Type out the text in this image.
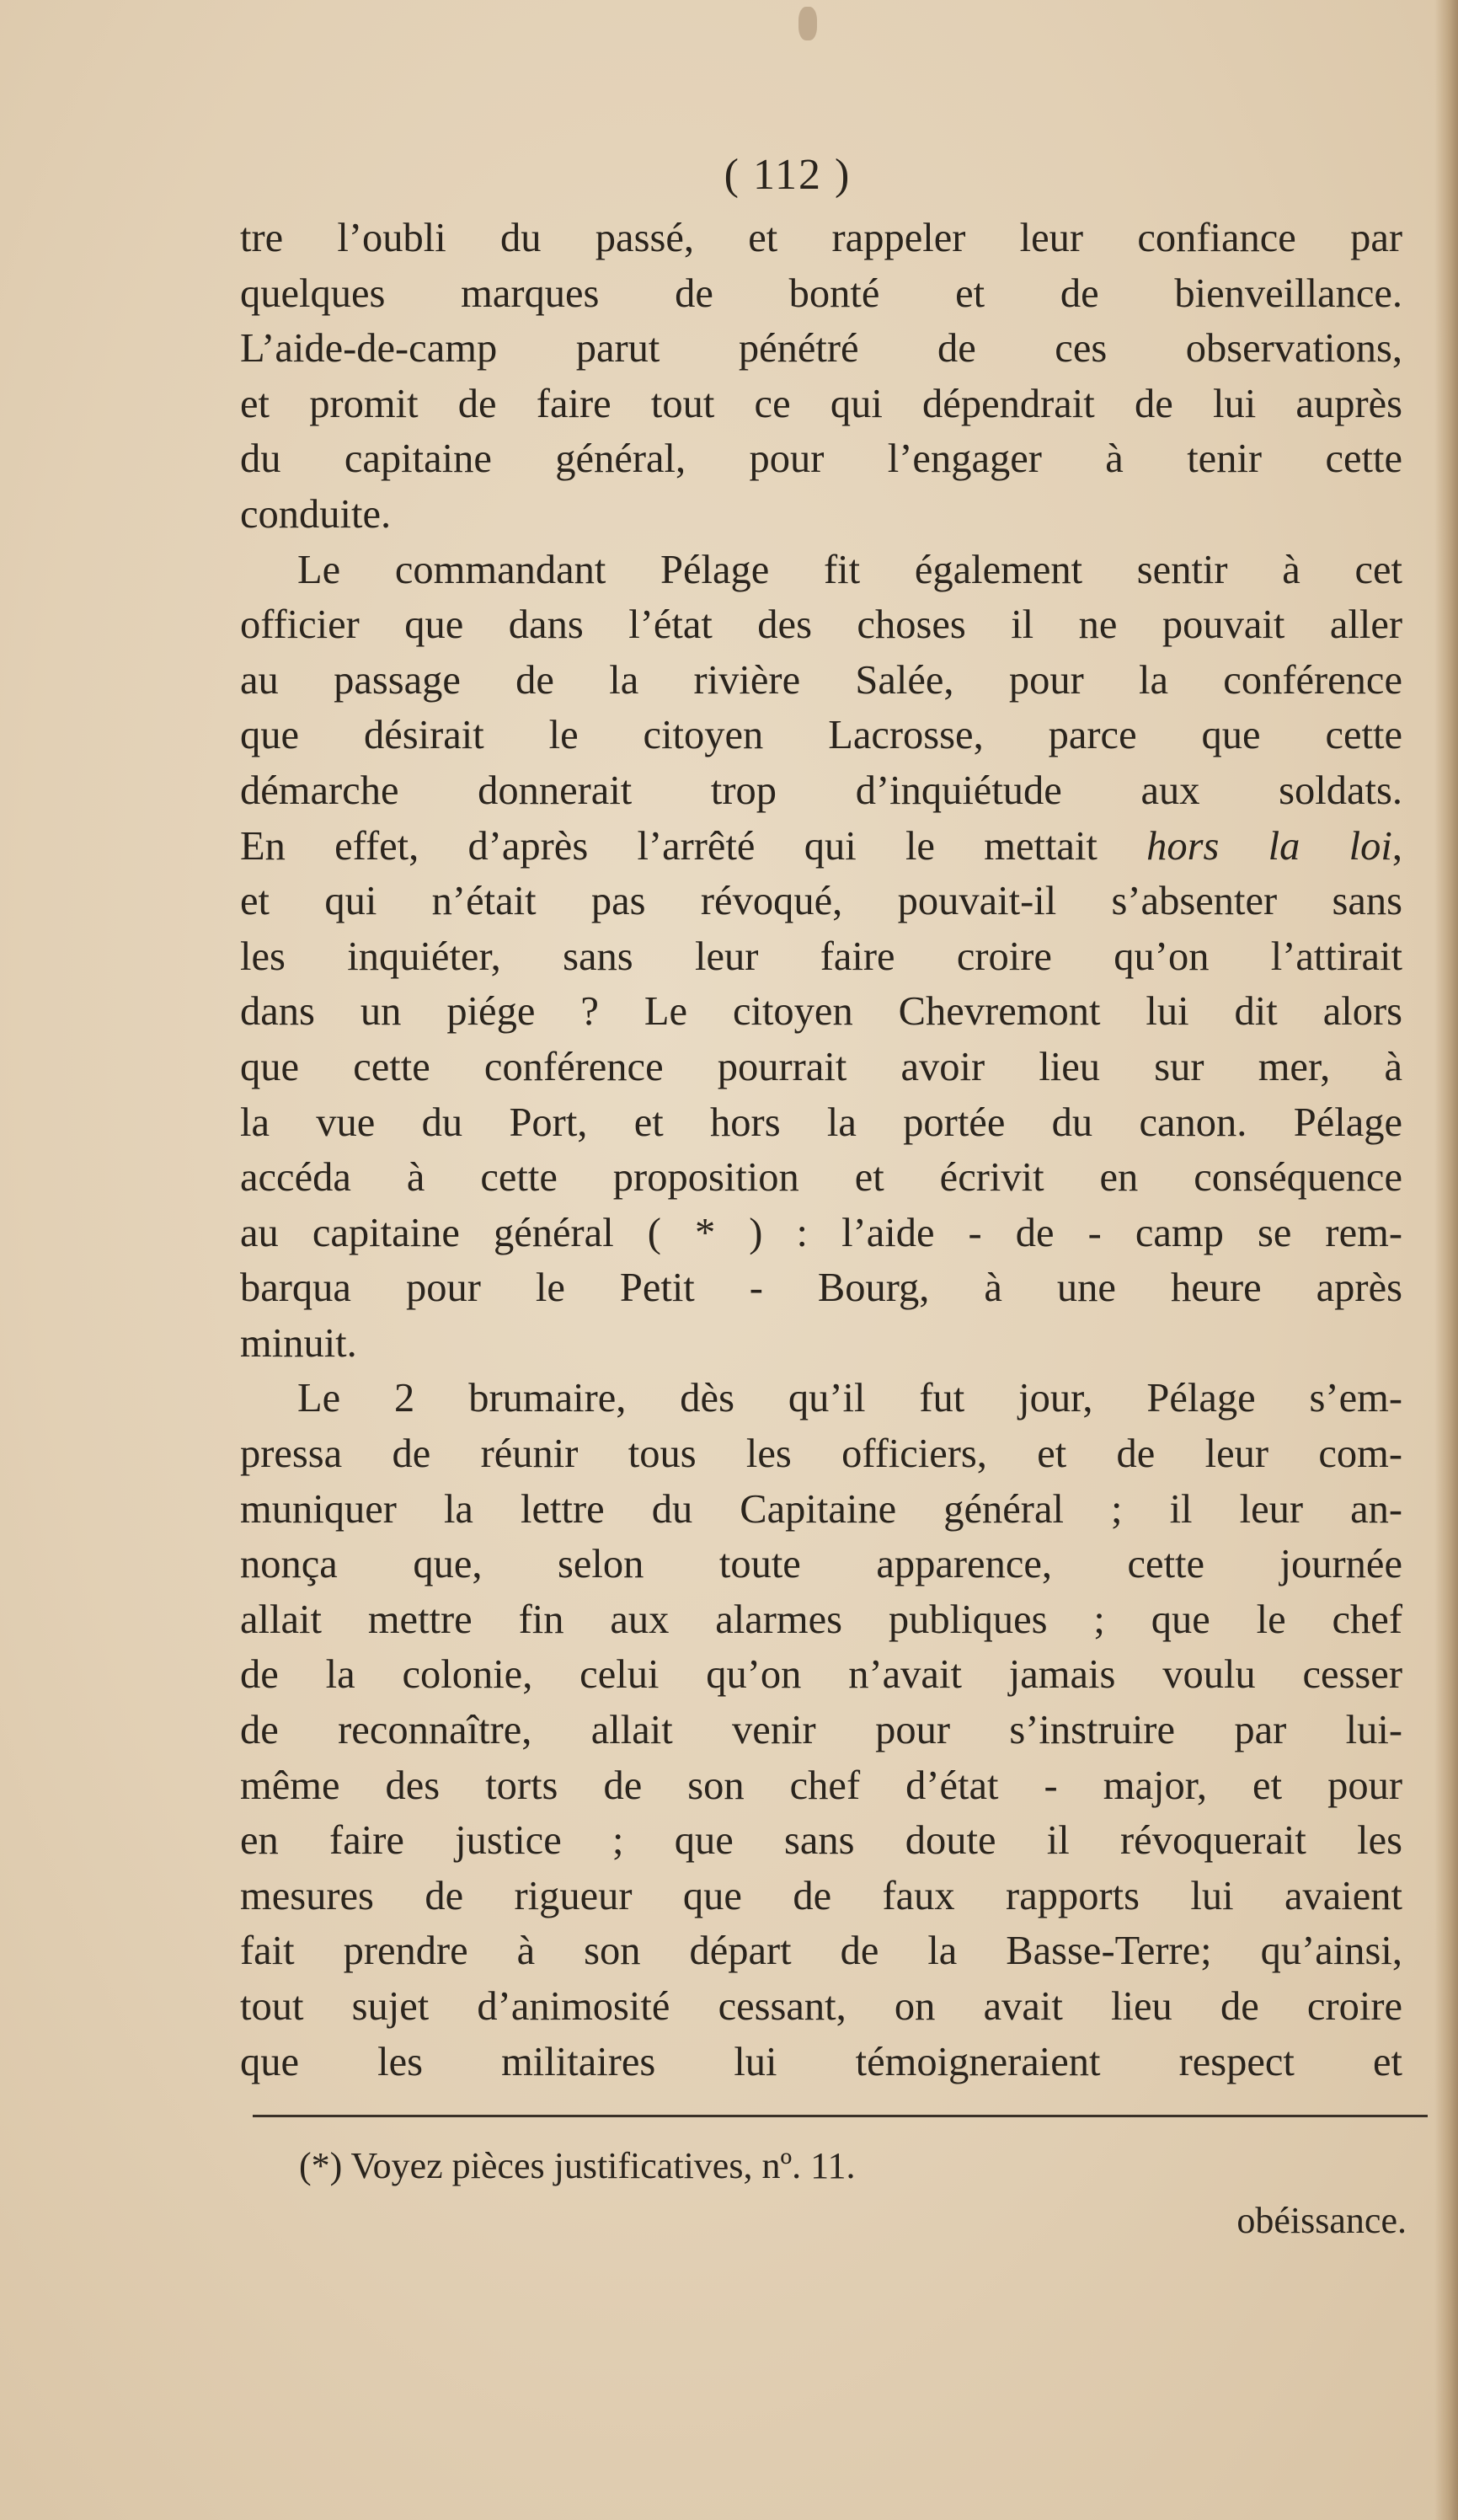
( 112 )
tre l’oubli du passé, et rappeler leur confiance par
quelques marques de bonté et de bienveillance.
L’aide-de-camp parut pénétré de ces observations,
et promit de faire tout ce qui dépendrait de lui auprès
du capitaine général, pour l’engager à tenir cette
conduite.
Le commandant Pélage fit également sentir à cet
officier que dans l’état des choses il ne pouvait aller
au passage de la rivière Salée, pour la conférence
que désirait le citoyen Lacrosse, parce que cette
démarche donnerait trop d’inquiétude aux soldats.
En effet, d’après l’arrêté qui le mettait hors la loi,
et qui n’était pas révoqué, pouvait-il s’absenter sans
les inquiéter, sans leur faire croire qu’on l’attirait
dans un piége ? Le citoyen Chevremont lui dit alors
que cette conférence pourrait avoir lieu sur mer, à
la vue du Port, et hors la portée du canon. Pélage
accéda à cette proposition et écrivit en conséquence
au capitaine général ( * ) : l’aide - de - camp se rem-
barqua pour le Petit - Bourg, à une heure après
minuit.
Le 2 brumaire, dès qu’il fut jour, Pélage s’em-
pressa de réunir tous les officiers, et de leur com-
muniquer la lettre du Capitaine général ; il leur an-
nonça que, selon toute apparence, cette journée
allait mettre fin aux alarmes publiques ; que le chef
de la colonie, celui qu’on n’avait jamais voulu cesser
de reconnaître, allait venir pour s’instruire par lui-
même des torts de son chef d’état - major, et pour
en faire justice ; que sans doute il révoquerait les
mesures de rigueur que de faux rapports lui avaient
fait prendre à son départ de la Basse-Terre; qu’ainsi,
tout sujet d’animosité cessant, on avait lieu de croire
que les militaires lui témoigneraient respect et
(*) Voyez pièces justificatives, nº. 11.
obéissance.
